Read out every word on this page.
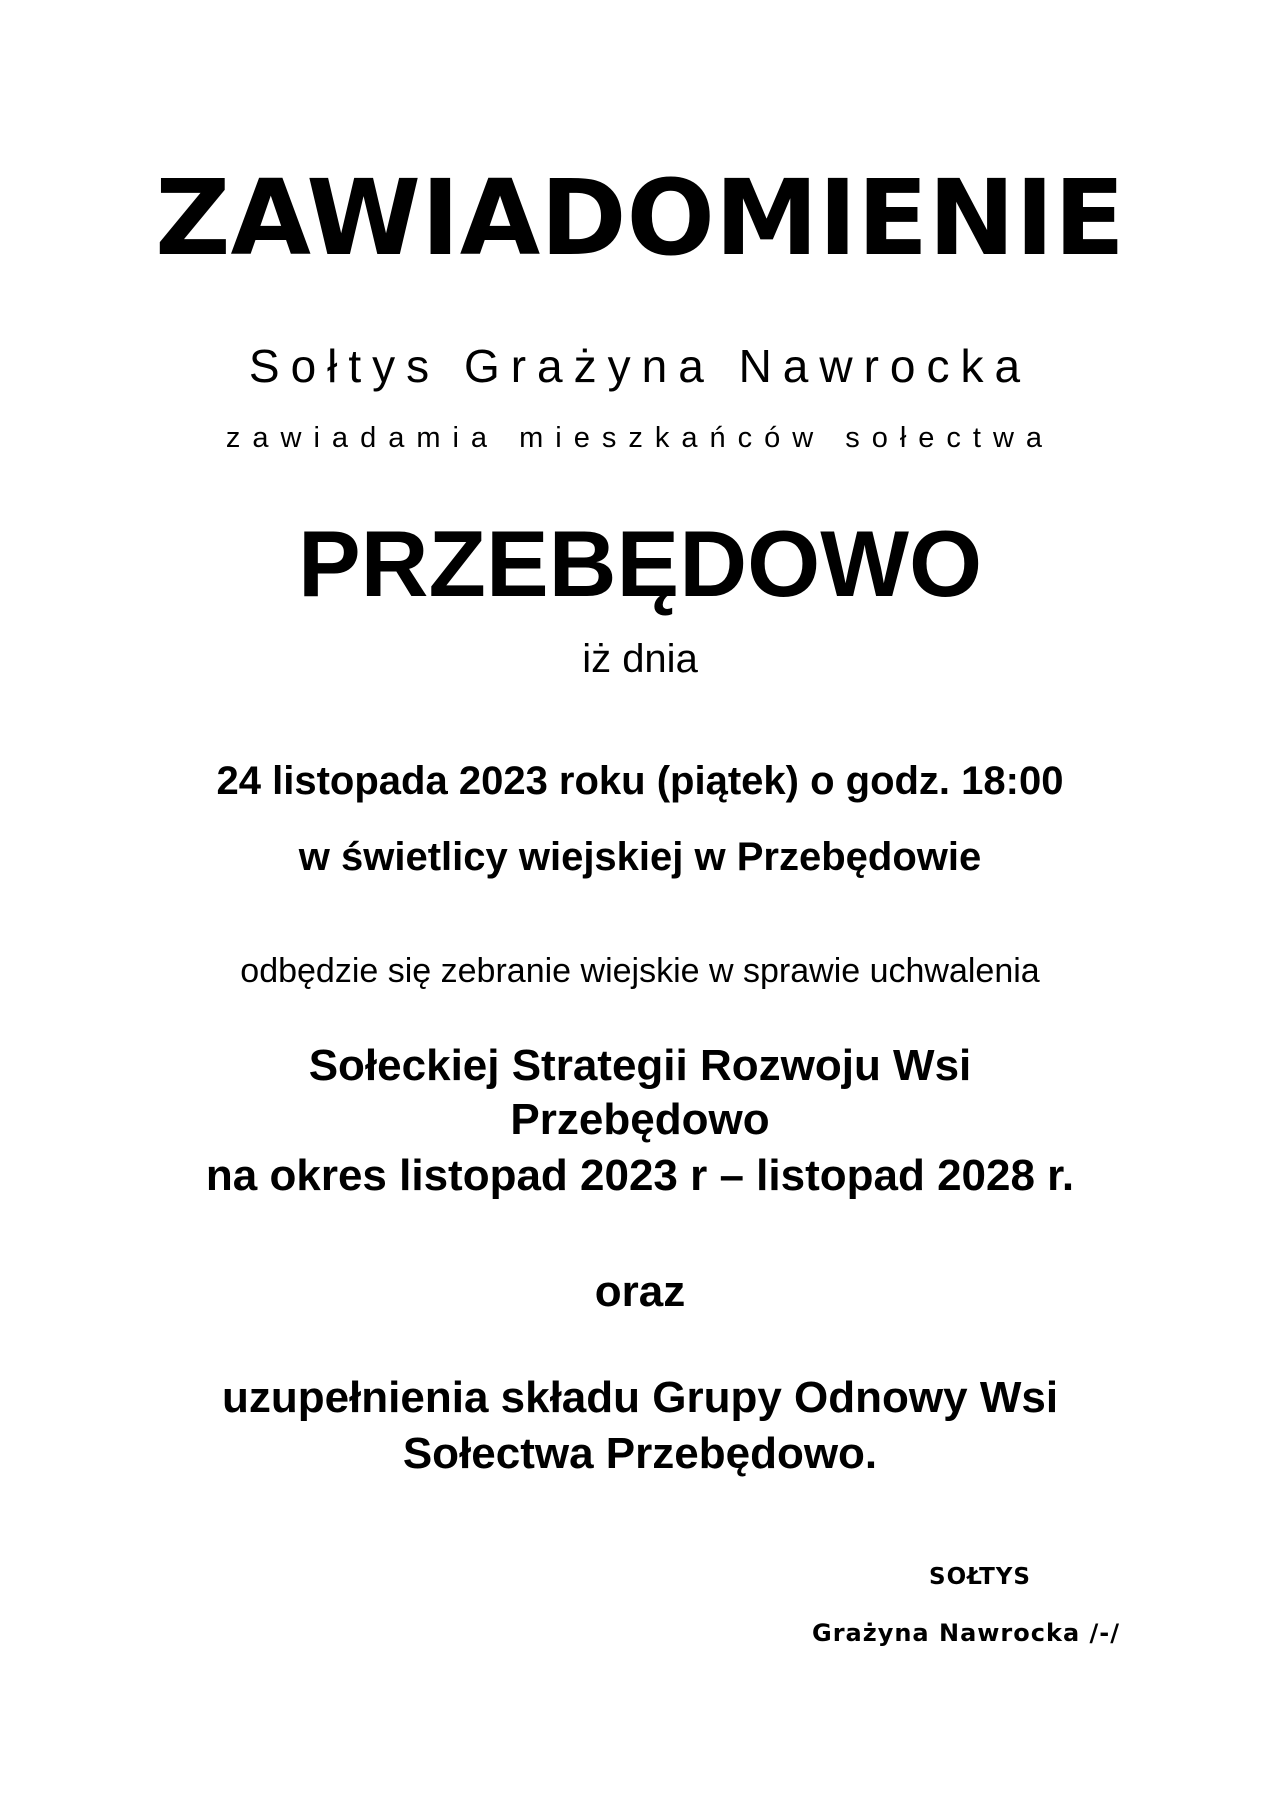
ZAWIADOMIENIE

Sołtys Grażyna Nawrocka

zawiadamia mieszkańców sołectwa

PRZEBĘDOWO

iż dnia

24 listopada 2023 roku (piątek) o godz. 18:00

w świetlicy wiejskiej w Przebędowie

odbędzie się zebranie wiejskie w sprawie uchwalenia

Sołeckiej Strategii Rozwoju Wsi

Przebędowo

na okres listopad 2023 r – listopad 2028 r.

oraz

uzupełnienia składu Grupy Odnowy Wsi

Sołectwa Przebędowo.

SOŁTYS
Grażyna Nawrocka /-/
